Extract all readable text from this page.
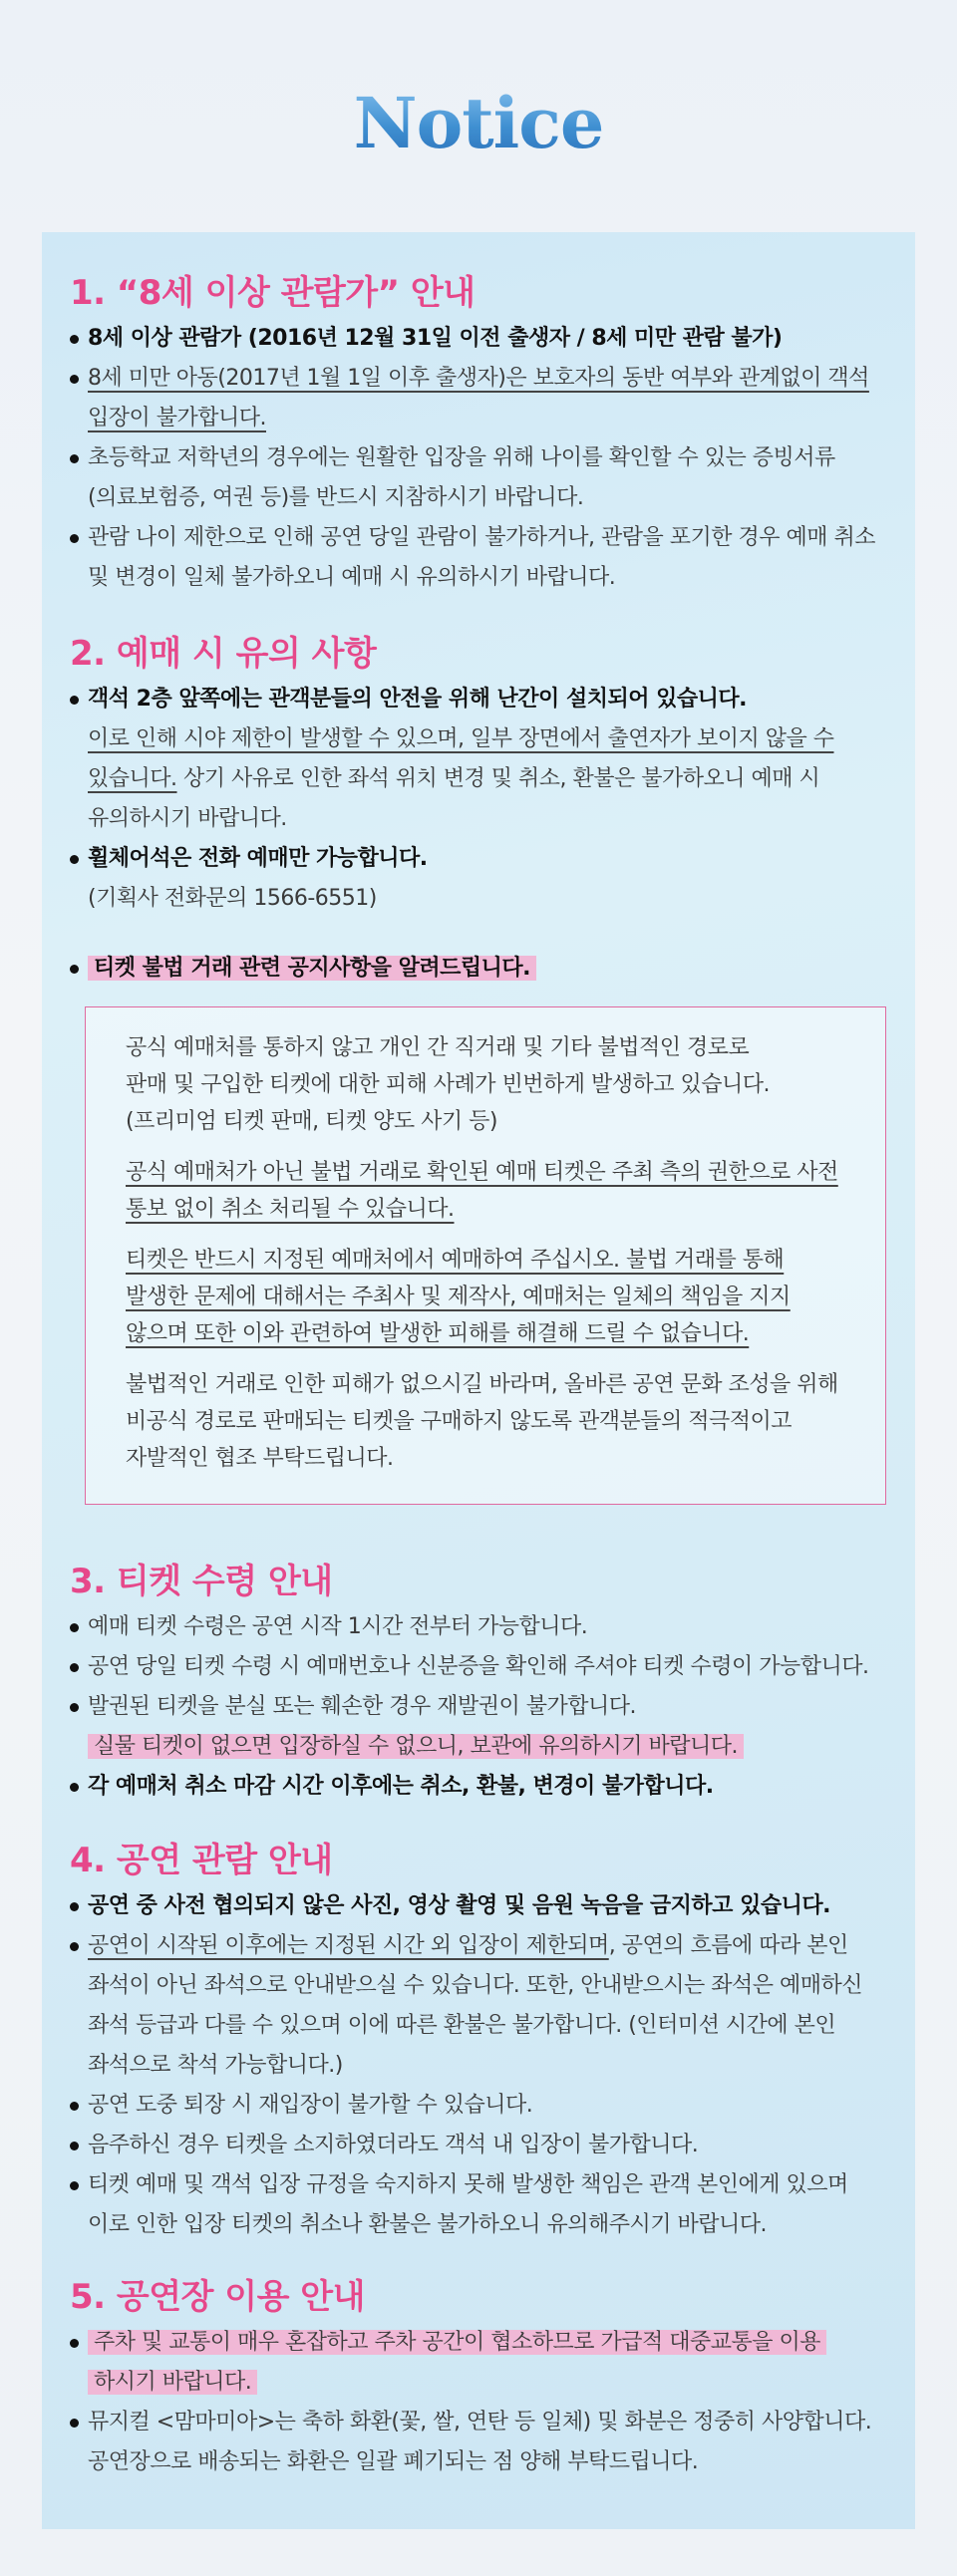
Notice
1. “8세 이상 관람가” 안내
8세 이상 관람가 (2016년 12월 31일 이전 출생자 / 8세 미만 관람 불가)
8세 미만 아동(2017년 1월 1일 이후 출생자)은 보호자의 동반 여부와 관계없이 객석
입장이 불가합니다.
초등학교 저학년의 경우에는 원활한 입장을 위해 나이를 확인할 수 있는 증빙서류
(의료보험증, 여권 등)를 반드시 지참하시기 바랍니다.
관람 나이 제한으로 인해 공연 당일 관람이 불가하거나, 관람을 포기한 경우 예매 취소
및 변경이 일체 불가하오니 예매 시 유의하시기 바랍니다.
2. 예매 시 유의 사항
객석 2층 앞쪽에는 관객분들의 안전을 위해 난간이 설치되어 있습니다.
이로 인해 시야 제한이 발생할 수 있으며, 일부 장면에서 출연자가 보이지 않을 수
있습니다. 상기 사유로 인한 좌석 위치 변경 및 취소, 환불은 불가하오니 예매 시
유의하시기 바랍니다.
휠체어석은 전화 예매만 가능합니다.
(기획사 전화문의 1566-6551)
티켓 불법 거래 관련 공지사항을 알려드립니다.
공식 예매처를 통하지 않고 개인 간 직거래 및 기타 불법적인 경로로
판매 및 구입한 티켓에 대한 피해 사례가 빈번하게 발생하고 있습니다.
(프리미엄 티켓 판매, 티켓 양도 사기 등)
공식 예매처가 아닌 불법 거래로 확인된 예매 티켓은 주최 측의 권한으로 사전
통보 없이 취소 처리될 수 있습니다.
티켓은 반드시 지정된 예매처에서 예매하여 주십시오. 불법 거래를 통해
발생한 문제에 대해서는 주최사 및 제작사, 예매처는 일체의 책임을 지지
않으며 또한 이와 관련하여 발생한 피해를 해결해 드릴 수 없습니다.
불법적인 거래로 인한 피해가 없으시길 바라며, 올바른 공연 문화 조성을 위해
비공식 경로로 판매되는 티켓을 구매하지 않도록 관객분들의 적극적이고
자발적인 협조 부탁드립니다.
3. 티켓 수령 안내
예매 티켓 수령은 공연 시작 1시간 전부터 가능합니다.
공연 당일 티켓 수령 시 예매번호나 신분증을 확인해 주셔야 티켓 수령이 가능합니다.
발권된 티켓을 분실 또는 훼손한 경우 재발권이 불가합니다.
실물 티켓이 없으면 입장하실 수 없으니, 보관에 유의하시기 바랍니다.
각 예매처 취소 마감 시간 이후에는 취소, 환불, 변경이 불가합니다.
4. 공연 관람 안내
공연 중 사전 협의되지 않은 사진, 영상 촬영 및 음원 녹음을 금지하고 있습니다.
공연이 시작된 이후에는 지정된 시간 외 입장이 제한되며, 공연의 흐름에 따라 본인
좌석이 아닌 좌석으로 안내받으실 수 있습니다. 또한, 안내받으시는 좌석은 예매하신
좌석 등급과 다를 수 있으며 이에 따른 환불은 불가합니다. (인터미션 시간에 본인
좌석으로 착석 가능합니다.)
공연 도중 퇴장 시 재입장이 불가할 수 있습니다.
음주하신 경우 티켓을 소지하였더라도 객석 내 입장이 불가합니다.
티켓 예매 및 객석 입장 규정을 숙지하지 못해 발생한 책임은 관객 본인에게 있으며
이로 인한 입장 티켓의 취소나 환불은 불가하오니 유의해주시기 바랍니다.
5. 공연장 이용 안내
주차 및 교통이 매우 혼잡하고 주차 공간이 협소하므로 가급적 대중교통을 이용
하시기 바랍니다.
뮤지컬 <맘마미아>는 축하 화환(꽃, 쌀, 연탄 등 일체) 및 화분은 정중히 사양합니다.
공연장으로 배송되는 화환은 일괄 폐기되는 점 양해 부탁드립니다.
